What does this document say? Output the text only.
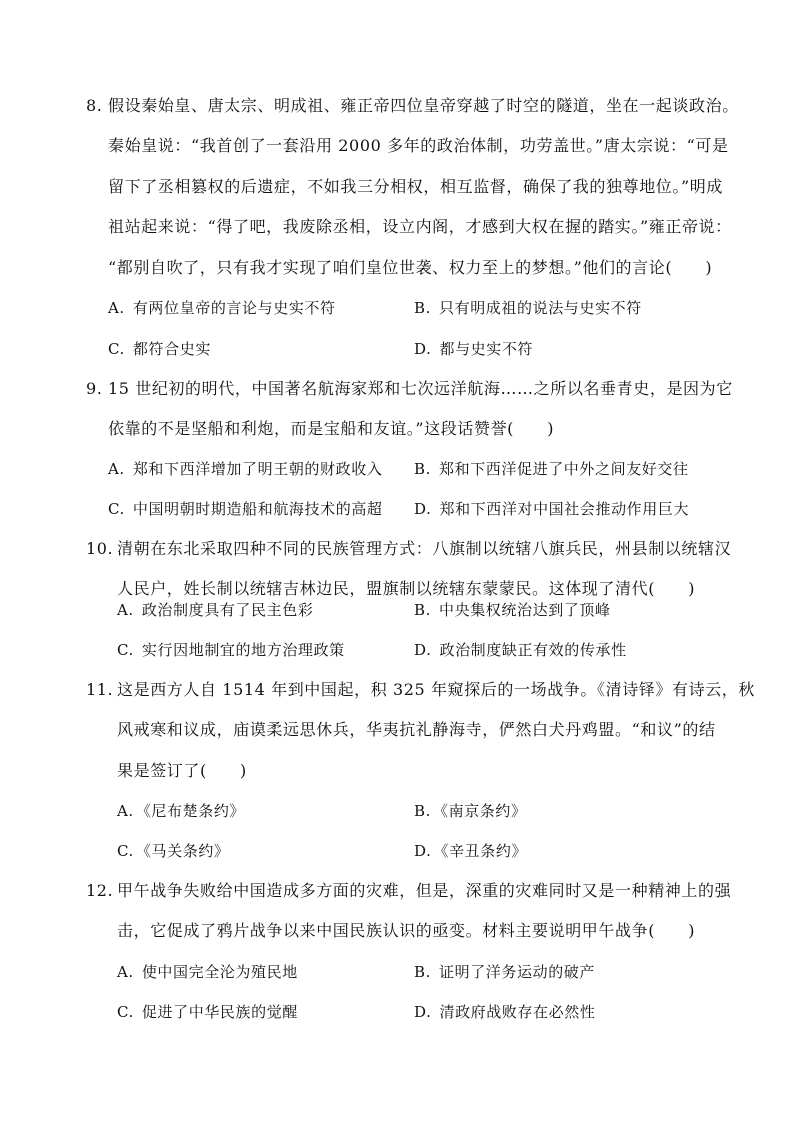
8. 假设秦始皇、唐太宗、明成祖、雍正帝四位皇帝穿越了时空的隧道，坐在一起谈政治。
秦始皇说：“我首创了一套沿用 2000 多年的政治体制，功劳盖世。”唐太宗说：“可是
留下了丞相篡权的后遗症，不如我三分相权，相互监督，确保了我的独尊地位。”明成
祖站起来说：“得了吧，我废除丞相，设立内阁，才感到大权在握的踏实。”雍正帝说：
“都别自吹了，只有我才实现了咱们皇位世袭、权力至上的梦想。”他们的言论(　　)
A. 有两位皇帝的言论与史实不符	B. 只有明成祖的说法与史实不符
C. 都符合史实	D. 都与史实不符
9. 15 世纪初的明代，中国著名航海家郑和七次远洋航海……之所以名垂青史，是因为它
依靠的不是坚船和利炮，而是宝船和友谊。”这段话赞誉(　　)
A. 郑和下西洋增加了明王朝的财政收入 B. 郑和下西洋促进了中外之间友好交往
C. 中国明朝时期造船和航海技术的高超 D. 郑和下西洋对中国社会推动作用巨大
10. 清朝在东北采取四种不同的民族管理方式：八旗制以统辖八旗兵民，州县制以统辖汉
人民户，姓长制以统辖吉林边民，盟旗制以统辖东蒙蒙民。这体现了清代(　　)
A. 政治制度具有了民主色彩	B. 中央集权统治达到了顶峰
C. 实行因地制宜的地方治理政策	D. 政治制度缺正有效的传承性
11. 这是西方人自 1514 年到中国起，积 325 年窥探后的一场战争。《清诗铎》有诗云，秋
风戒寒和议成，庙谟柔远思休兵，华夷抗礼静海寺，俨然白犬丹鸡盟。“和议”的结
果是签订了(　　)
A. 《尼布楚条约》	B. 《南京条约》
C. 《马关条约》	D. 《辛丑条约》
12. 甲午战争失败给中国造成多方面的灾难，但是，深重的灾难同时又是一种精神上的强
击，它促成了鸦片战争以来中国民族认识的亟变。材料主要说明甲午战争(　　)
A. 使中国完全沦为殖民地	B. 证明了洋务运动的破产
C. 促进了中华民族的觉醒	D. 清政府战败存在必然性
